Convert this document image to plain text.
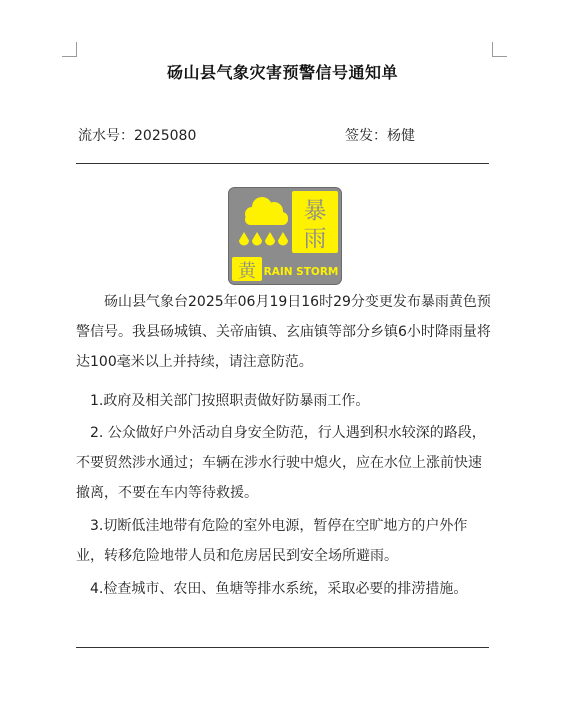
砀山县气象灾害预警信号通知单
流水号：2025080	签发：杨健
暴
雨
黄 RAIN STORM

砀山县气象台2025年06月19日16时29分变更发布暴雨黄色预警信号。我县砀城镇、关帝庙镇、玄庙镇等部分乡镇6小时降雨量将达100毫米以上并持续，请注意防范。

1.政府及相关部门按照职责做好防暴雨工作。

2. 公众做好户外活动自身安全防范，行人遇到积水较深的路段，不要贸然涉水通过；车辆在涉水行驶中熄火，应在水位上涨前快速撤离，不要在车内等待救援。

3.切断低洼地带有危险的室外电源，暂停在空旷地方的户外作业，转移危险地带人员和危房居民到安全场所避雨。

4.检查城市、农田、鱼塘等排水系统，采取必要的排涝措施。
